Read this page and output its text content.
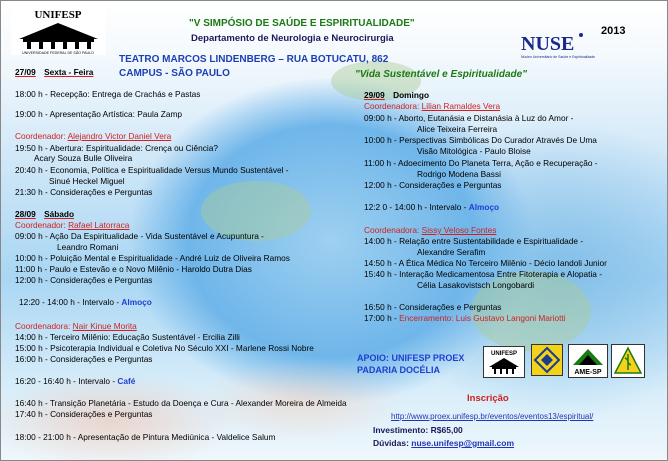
UNIFESP
UNIVERSIDADE FEDERAL DE SÃO PAULO
"V SIMPÓSIO DE SAÚDE E ESPIRITUALIDADE"
Departamento de Neurologia e Neurocirurgia
TEATRO MARCOS LINDENBERG – RUA BOTUCATU, 862
CAMPUS - SÃO PAULO	"Vida Sustentável e Espiritualidade"
2013
NUSE
Núcleo Universitário de Saúde e Espiritualidade
27/09 Sexta - Feira
18:00 h - Recepção: Entrega de Crachás e Pastas
19:00 h - Apresentação Artística: Paula Zamp
Coordenador: Alejandro Victor Daniel Vera
19:50 h - Abertura: Espiritualidade: Crença ou Ciência?
Acary Souza Bulle Oliveira
20:40 h - Economia, Política e Espiritualidade Versus Mundo Sustentável -
Sinué Heckel Miguel
21:30 h - Considerações e Perguntas
28/09 Sábado
Coordenador: Rafael Latorraca
09:00 h - Ação Da Espiritualidade - Vida Sustentável e Acupuntura -
Leandro Romani
10:00 h - Poluição Mental e Espiritualidade - André Luiz de Oliveira Ramos
11:00 h - Paulo e Estevão e o Novo Milênio - Haroldo Dutra Dias
12:00 h - Considerações e Perguntas
12:20 - 14:00 h - Intervalo - Almoço
Coordenadora: Nair Kinue Morita
14:00 h - Terceiro Milênio: Educação Sustentável - Ercilia Zilli
15:00 h - Psicoterapia Individual e Coletiva No Século XXI - Marlene Rossi Nobre
16:00 h - Considerações e Perguntas
16:20 - 16:40 h - Intervalo - Café
16:40 h - Transição Planetária - Estudo da Doença e Cura - Alexander Moreira de Almeida
17:40 h - Considerações e Perguntas
18:00 - 21:00 h - Apresentação de Pintura Mediúnica - Valdelice Salum
29/09 Domingo
Coordenadora: Lilian Ramaldes Vera
09:00 h - Aborto, Eutanásia e Distanásia à Luz do Amor -
Alice Teixeira Ferreira
10:00 h - Perspectivas Simbólicas Do Curador Através De Uma
Visão Mitológica - Paulo Bloise
11:00 h - Adoecimento Do Planeta Terra, Ação e Recuperação -
Rodrigo Modena Bassi
12:00 h - Considerações e Perguntas
12:2 0 - 14:00 h - Intervalo - Almoço
Coordenadora: Sissy Veloso Fontes
14:00 h - Relação entre Sustentabilidade e Espiritualidade -
Alexandre Serafim
14:50 h - A Ética Médica No Terceiro Milênio - Décio Iandoli Junior
15:40 h - Interação Medicamentosa Entre Fitoterapia e Alopatia -
Célia Lasakovistsch Longobardi
16:50 h - Considerações e Perguntas
17:00 h - Encerramento: Luis Gustavo Langoni Mariotti
APOIO: UNIFESP PROEX
PADARIA DOCÉLIA
UNIFESP
AME-SP
Inscrição
http://www.proex.unifesp.br/eventos/eventos13/espiritual/
Investimento: R$65,00
Dúvidas: nuse.unifesp@gmail.com
